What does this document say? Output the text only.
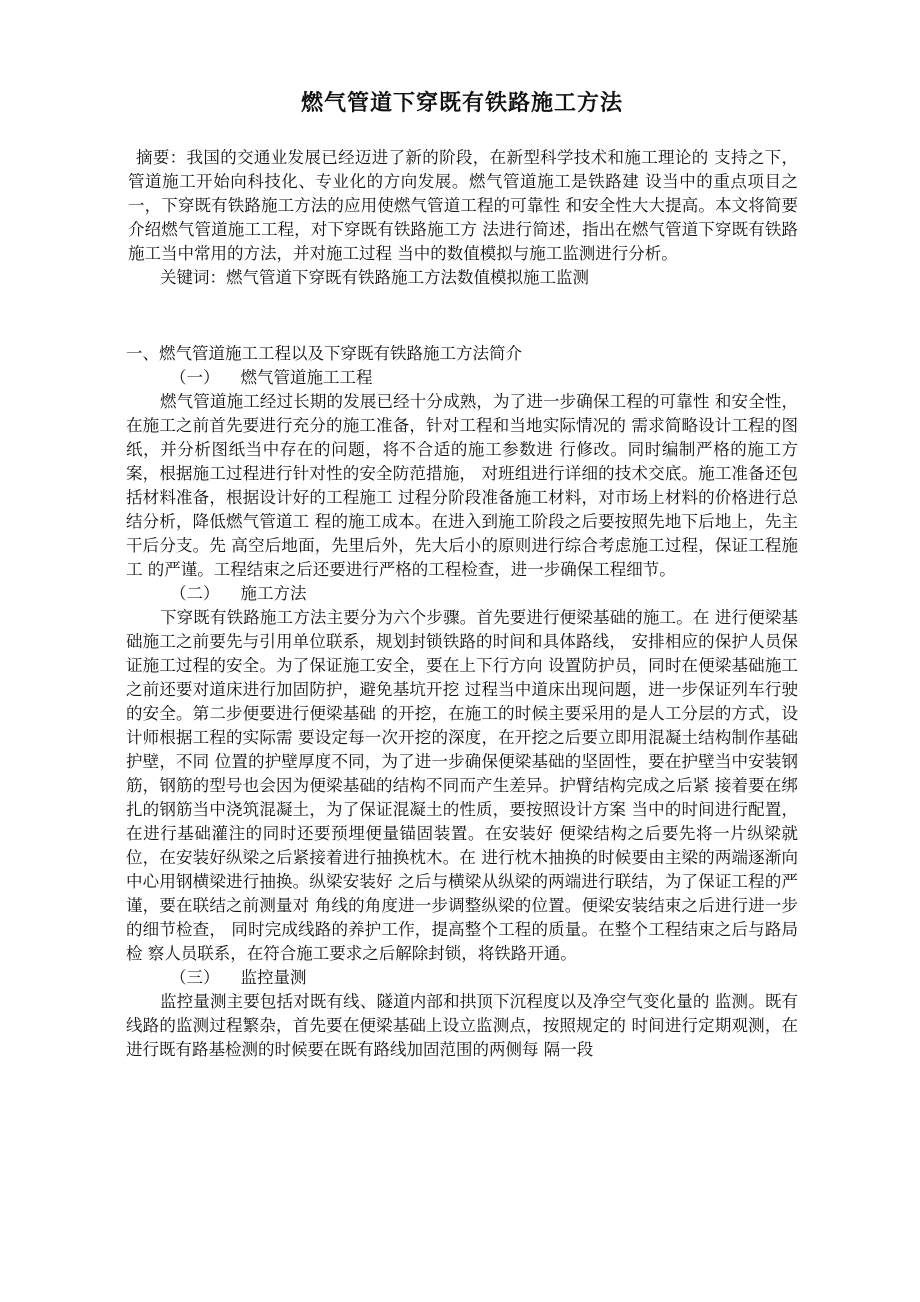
燃气管道下穿既有铁路施工方法

摘要：我国的交通业发展已经迈进了新的阶段，在新型科学技术和施工理论的 支持之下，管道施工开始向科技化、专业化的方向发展。燃气管道施工是铁路建 设当中的重点项目之一，下穿既有铁路施工方法的应用使燃气管道工程的可靠性 和安全性大大提高。本文将简要介绍燃气管道施工工程，对下穿既有铁路施工方 法进行简述，指出在燃气管道下穿既有铁路施工当中常用的方法，并对施工过程 当中的数值模拟与施工监测进行分析。

关键词：燃气管道下穿既有铁路施工方法数值模拟施工监测

一、燃气管道施工工程以及下穿既有铁路施工方法简介

（一）    燃气管道施工工程

燃气管道施工经过长期的发展已经十分成熟，为了进一步确保工程的可靠性 和安全性，在施工之前首先要进行充分的施工准备，针对工程和当地实际情况的 需求简略设计工程的图纸，并分析图纸当中存在的问题，将不合适的施工参数进 行修改。同时编制严格的施工方案，根据施工过程进行针对性的安全防范措施， 对班组进行详细的技术交底。施工准备还包括材料准备，根据设计好的工程施工 过程分阶段准备施工材料，对市场上材料的价格进行总结分析，降低燃气管道工 程的施工成本。在进入到施工阶段之后要按照先地下后地上，先主干后分支。先 高空后地面，先里后外，先大后小的原则进行综合考虑施工过程，保证工程施工 的严谨。工程结束之后还要进行严格的工程检查，进一步确保工程细节。

（二）    施工方法

下穿既有铁路施工方法主要分为六个步骤。首先要进行便梁基础的施工。在 进行便梁基础施工之前要先与引用单位联系，规划封锁铁路的时间和具体路线， 安排相应的保护人员保证施工过程的安全。为了保证施工安全，要在上下行方向 设置防护员，同时在便梁基础施工之前还要对道床进行加固防护，避免基坑开挖 过程当中道床出现问题，进一步保证列车行驶的安全。第二步便要进行便梁基础 的开挖，在施工的时候主要采用的是人工分层的方式，设计师根据工程的实际需 要设定每一次开挖的深度，在开挖之后要立即用混凝土结构制作基础护壁，不同 位置的护壁厚度不同，为了进一步确保便梁基础的坚固性，要在护壁当中安装钢 筋，钢筋的型号也会因为便梁基础的结构不同而产生差异。护臂结构完成之后紧 接着要在绑扎的钢筋当中浇筑混凝土，为了保证混凝土的性质，要按照设计方案 当中的时间进行配置，在进行基础灌注的同时还要预埋便量锚固装置。在安装好 便梁结构之后要先将一片纵梁就位，在安装好纵梁之后紧接着进行抽换枕木。在 进行枕木抽换的时候要由主梁的两端逐渐向中心用钢横梁进行抽换。纵梁安装好 之后与横梁从纵梁的两端进行联结，为了保证工程的严谨，要在联结之前测量对 角线的角度进一步调整纵梁的位置。便梁安装结束之后进行进一步的细节检查， 同时完成线路的养护工作，提高整个工程的质量。在整个工程结束之后与路局检 察人员联系，在符合施工要求之后解除封锁，将铁路开通。

（三）    监控量测

监控量测主要包括对既有线、隧道内部和拱顶下沉程度以及净空气变化量的 监测。既有线路的监测过程繁杂，首先要在便梁基础上设立监测点，按照规定的 时间进行定期观测，在进行既有路基检测的时候要在既有路线加固范围的两侧每 隔一段
